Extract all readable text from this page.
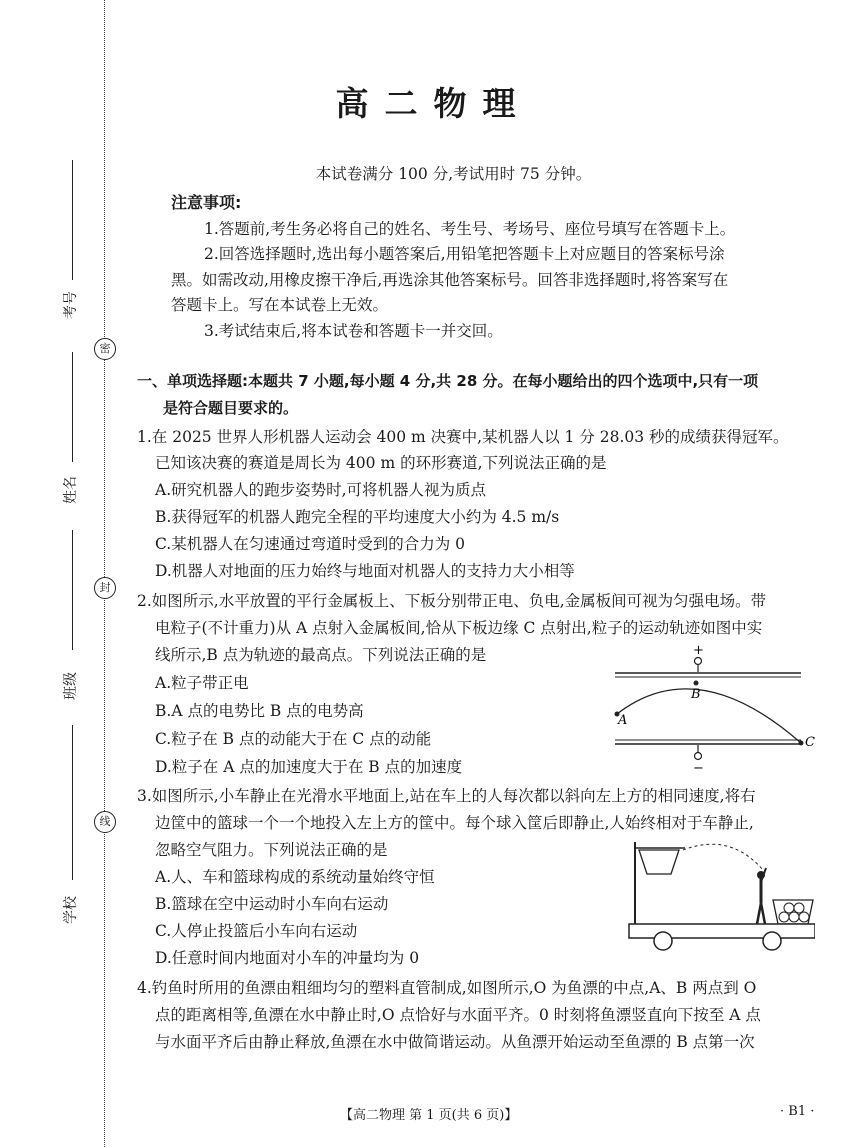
密
封
线
考号
姓名
班级
学校
高二物理
本试卷满分 100 分,考试用时 75 分钟。
注意事项:
1.答题前,考生务必将自己的姓名、考生号、考场号、座位号填写在答题卡上。
2.回答选择题时,选出每小题答案后,用铅笔把答题卡上对应题目的答案标号涂
黑。如需改动,用橡皮擦干净后,再选涂其他答案标号。回答非选择题时,将答案写在
答题卡上。写在本试卷上无效。
3.考试结束后,将本试卷和答题卡一并交回。
一、单项选择题:本题共 7 小题,每小题 4 分,共 28 分。在每小题给出的四个选项中,只有一项
是符合题目要求的。
1.在 2025 世界人形机器人运动会 400 m 决赛中,某机器人以 1 分 28.03 秒的成绩获得冠军。
已知该决赛的赛道是周长为 400 m 的环形赛道,下列说法正确的是
A.研究机器人的跑步姿势时,可将机器人视为质点
B.获得冠军的机器人跑完全程的平均速度大小约为 4.5 m/s
C.某机器人在匀速通过弯道时受到的合力为 0
D.机器人对地面的压力始终与地面对机器人的支持力大小相等
2.如图所示,水平放置的平行金属板上、下板分别带正电、负电,金属板间可视为匀强电场。带
电粒子(不计重力)从 A 点射入金属板间,恰从下板边缘 C 点射出,粒子的运动轨迹如图中实
线所示,B 点为轨迹的最高点。下列说法正确的是
A.粒子带正电
B.A 点的电势比 B 点的电势高
C.粒子在 B 点的动能大于在 C 点的动能
D.粒子在 A 点的加速度大于在 B 点的加速度
+
A
B
C
−
3.如图所示,小车静止在光滑水平地面上,站在车上的人每次都以斜向左上方的相同速度,将右
边筐中的篮球一个一个地投入左上方的筐中。每个球入筐后即静止,人始终相对于车静止,
忽略空气阻力。下列说法正确的是
A.人、车和篮球构成的系统动量始终守恒
B.篮球在空中运动时小车向右运动
C.人停止投篮后小车向右运动
D.任意时间内地面对小车的冲量均为 0
4.钓鱼时所用的鱼漂由粗细均匀的塑料直管制成,如图所示,O 为鱼漂的中点,A、B 两点到 O
点的距离相等,鱼漂在水中静止时,O 点恰好与水面平齐。0 时刻将鱼漂竖直向下按至 A 点
与水面平齐后由静止释放,鱼漂在水中做简谐运动。从鱼漂开始运动至鱼漂的 B 点第一次
【高二物理 第 1 页(共 6 页)】	· B1 ·
